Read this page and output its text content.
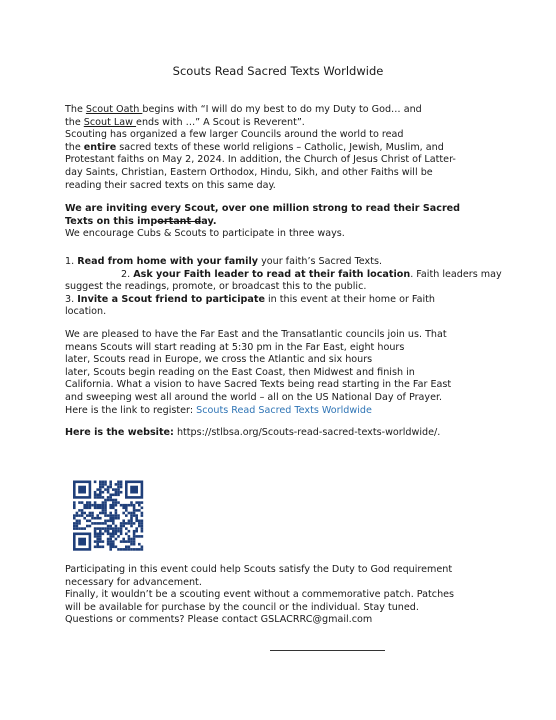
Scouts Read Sacred Texts Worldwide
The Scout Oath begins with “I will do my best to do my Duty to God… and
the Scout Law ends with …” A Scout is Reverent”.
Scouting has organized a few larger Councils around the world to read
the entire sacred texts of these world religions – Catholic, Jewish, Muslim, and
Protestant faiths on May 2, 2024. In addition, the Church of Jesus Christ of Latter-
day Saints, Christian, Eastern Orthodox, Hindu, Sikh, and other Faiths will be
reading their sacred texts on this same day.
We are inviting every Scout, over one million strong to read their Sacred
Texts on this important day.
We encourage Cubs & Scouts to participate in three ways.
1. Read from home with your family your faith’s Sacred Texts.
2. Ask your Faith leader to read at their faith location. Faith leaders may
suggest the readings, promote, or broadcast this to the public.
3. Invite a Scout friend to participate in this event at their home or Faith
location.
We are pleased to have the Far East and the Transatlantic councils join us. That
means Scouts will start reading at 5:30 pm in the Far East, eight hours
later, Scouts read in Europe, we cross the Atlantic and six hours
later, Scouts begin reading on the East Coast, then Midwest and finish in
California. What a vision to have Sacred Texts being read starting in the Far East
and sweeping west all around the world – all on the US National Day of Prayer.
Here is the link to register: Scouts Read Sacred Texts Worldwide
Here is the website: https://stlbsa.org/Scouts-read-sacred-texts-worldwide/.
Participating in this event could help Scouts satisfy the Duty to God requirement
necessary for advancement.
Finally, it wouldn’t be a scouting event without a commemorative patch. Patches
will be available for purchase by the council or the individual. Stay tuned.
Questions or comments? Please contact GSLACRRC@gmail.com
